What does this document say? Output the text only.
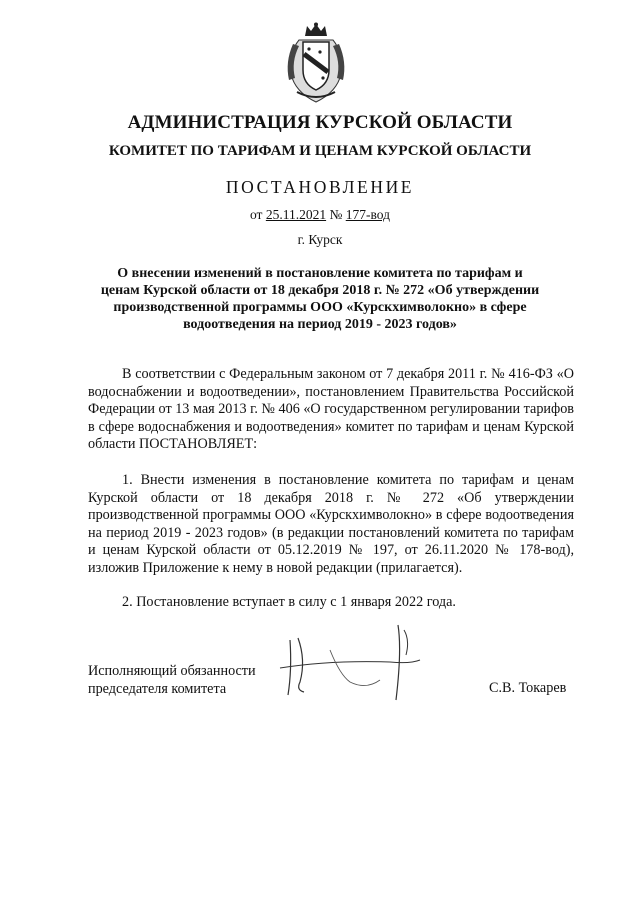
АДМИНИСТРАЦИЯ КУРСКОЙ ОБЛАСТИ
КОМИТЕТ ПО ТАРИФАМ И ЦЕНАМ КУРСКОЙ ОБЛАСТИ
ПОСТАНОВЛЕНИЕ
от 25.11.2021 № 177-вод
г. Курск
О внесении изменений в постановление комитета по тарифам и ценам Курской области от 18 декабря 2018 г. № 272 «Об утверждении производственной программы ООО «Курскхимволокно» в сфере водоотведения на период 2019 - 2023 годов»

В соответствии с Федеральным законом от 7 декабря 2011 г. № 416-ФЗ «О водоснабжении и водоотведении», постановлением Правительства Российской Федерации от 13 мая 2013 г. № 406 «О государственном регулировании тарифов в сфере водоснабжения и водоотведения» комитет по тарифам и ценам Курской области ПОСТАНОВЛЯЕТ:

1. Внести изменения в постановление комитета по тарифам и ценам Курской области от 18 декабря 2018 г. № 272 «Об утверждении производственной программы ООО «Курскхимволокно» в сфере водоотведения на период 2019 - 2023 годов» (в редакции постановлений комитета по тарифам и ценам Курской области от 05.12.2019 № 197, от 26.11.2020 № 178-вод), изложив Приложение к нему в новой редакции (прилагается).

2. Постановление вступает в силу с 1 января 2022 года.

Исполняющий обязанности
председателя комитета	С.В. Токарев
